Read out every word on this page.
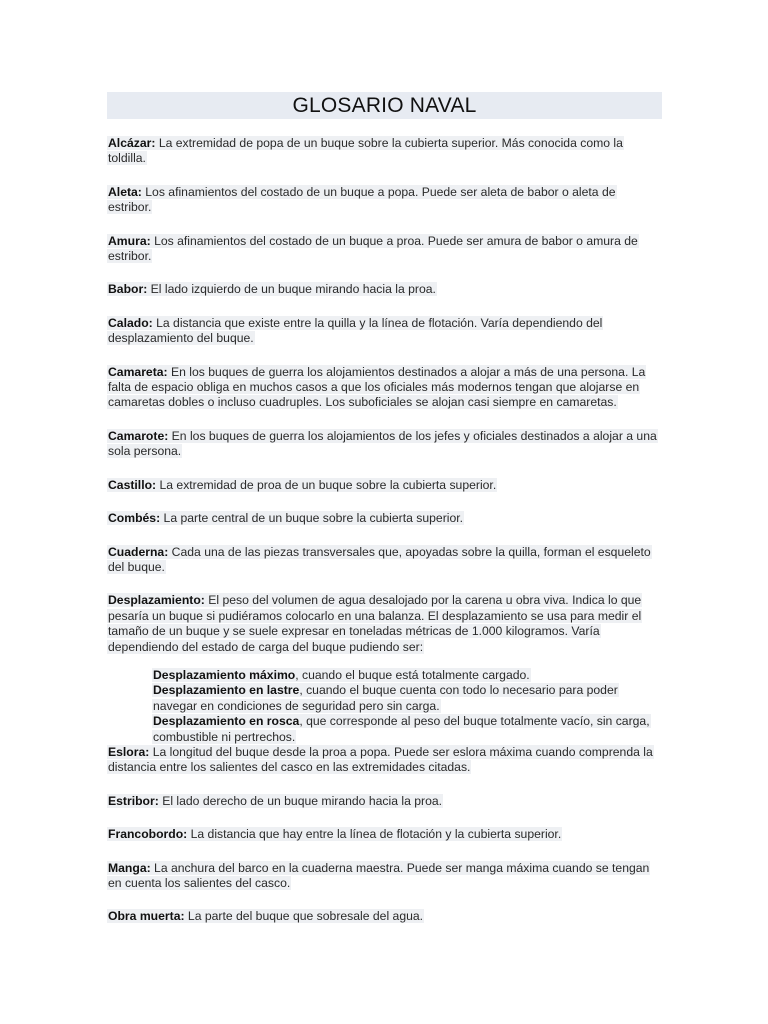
GLOSARIO NAVAL

Alcázar: La extremidad de popa de un buque sobre la cubierta superior. Más conocida como la toldilla.

Aleta: Los afinamientos del costado de un buque a popa. Puede ser aleta de babor o aleta de estribor.

Amura: Los afinamientos del costado de un buque a proa. Puede ser amura de babor o amura de estribor.

Babor: El lado izquierdo de un buque mirando hacia la proa.

Calado: La distancia que existe entre la quilla y la línea de flotación. Varía dependiendo del desplazamiento del buque.

Camareta: En los buques de guerra los alojamientos destinados a alojar a más de una persona. La falta de espacio obliga en muchos casos a que los oficiales más modernos tengan que alojarse en camaretas dobles o incluso cuadruples. Los suboficiales se alojan casi siempre en camaretas.

Camarote: En los buques de guerra los alojamientos de los jefes y oficiales destinados a alojar a una sola persona.

Castillo: La extremidad de proa de un buque sobre la cubierta superior.

Combés: La parte central de un buque sobre la cubierta superior.

Cuaderna: Cada una de las piezas transversales que, apoyadas sobre la quilla, forman el esqueleto del buque.

Desplazamiento: El peso del volumen de agua desalojado por la carena u obra viva. Indica lo que pesaría un buque si pudiéramos colocarlo en una balanza. El desplazamiento se usa para medir el tamaño de un buque y se suele expresar en toneladas métricas de 1.000 kilogramos. Varía dependiendo del estado de carga del buque pudiendo ser:

Desplazamiento máximo, cuando el buque está totalmente cargado.

Desplazamiento en lastre, cuando el buque cuenta con todo lo necesario para poder navegar en condiciones de seguridad pero sin carga.

Desplazamiento en rosca, que corresponde al peso del buque totalmente vacío, sin carga, combustible ni pertrechos.

Eslora: La longitud del buque desde la proa a popa. Puede ser eslora máxima cuando comprenda la distancia entre los salientes del casco en las extremidades citadas.

Estribor: El lado derecho de un buque mirando hacia la proa.

Francobordo: La distancia que hay entre la línea de flotación y la cubierta superior.

Manga: La anchura del barco en la cuaderna maestra. Puede ser manga máxima cuando se tengan en cuenta los salientes del casco.

Obra muerta: La parte del buque que sobresale del agua.
